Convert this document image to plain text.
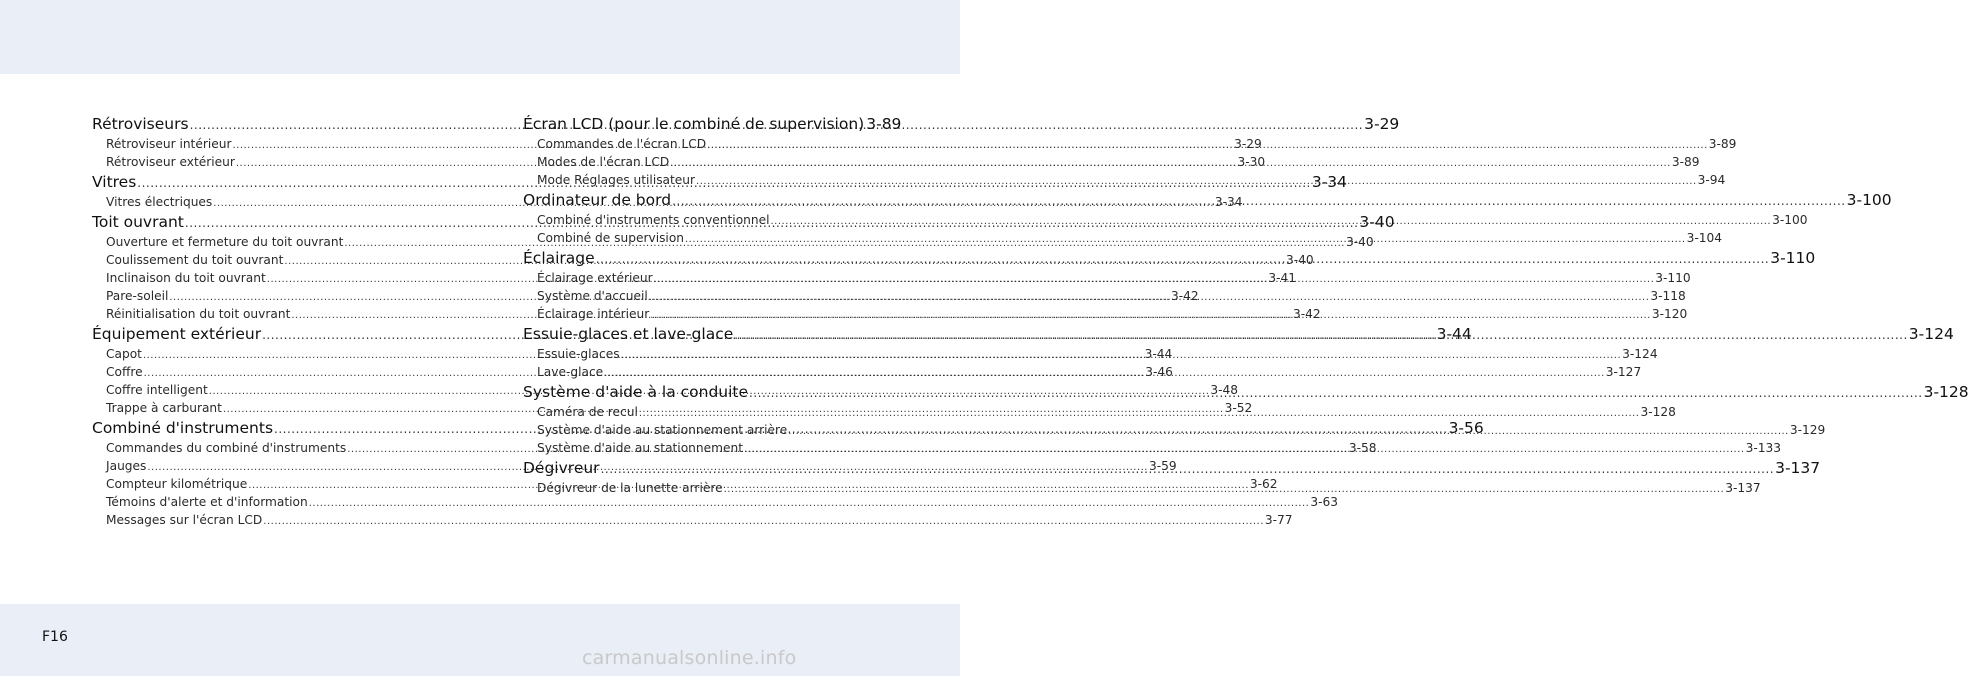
Rétroviseurs .....	3-29
Rétroviseur intérieur .....	3-29
Rétroviseur extérieur .....	3-30
Vitres .....	3-34
Vitres électriques .....	3-34
Toit ouvrant .....	3-40
Ouverture et fermeture du toit ouvrant .....	3-40
Coulissement du toit ouvrant .....	3-40
Inclinaison du toit ouvrant .....	3-41
Pare-soleil .....	3-42
Réinitialisation du toit ouvrant .....	3-42
Équipement extérieur .....	3-44
Capot .....	3-44
Coffre .....	3-46
Coffre intelligent .....	3-48
Trappe à carburant .....	3-52
Combiné d'instruments .....	3-56
Commandes du combiné d'instruments .....	3-58
Jauges .....	3-59
Compteur kilométrique .....	3-62
Témoins d'alerte et d'information .....	3-63
Messages sur l'écran LCD .....	3-77
Écran LCD (pour le combiné de supervision) 3-89
Commandes de l'écran LCD .....	3-89
Modes de l'écran LCD .....	3-89
Mode Réglages utilisateur .....	3-94
Ordinateur de bord .....	3-100
Combiné d'instruments conventionnel .....	3-100
Combiné de supervision .....	3-104
Éclairage .....	3-110
Éclairage extérieur .....	3-110
Système d'accueil .....	3-118
Éclairage intérieur .....	3-120
Essuie-glaces et lave-glace .....	3-124
Essuie-glaces .....	3-124
Lave-glace .....	3-127
Système d'aide à la conduite .....	3-128
Caméra de recul .....	3-128
Système d'aide au stationnement arrière .....	3-129
Système d'aide au stationnement .....	3-133
Dégivreur .....	3-137
Dégivreur de la lunette arrière .....	3-137
F16
carmanualsonline.info
